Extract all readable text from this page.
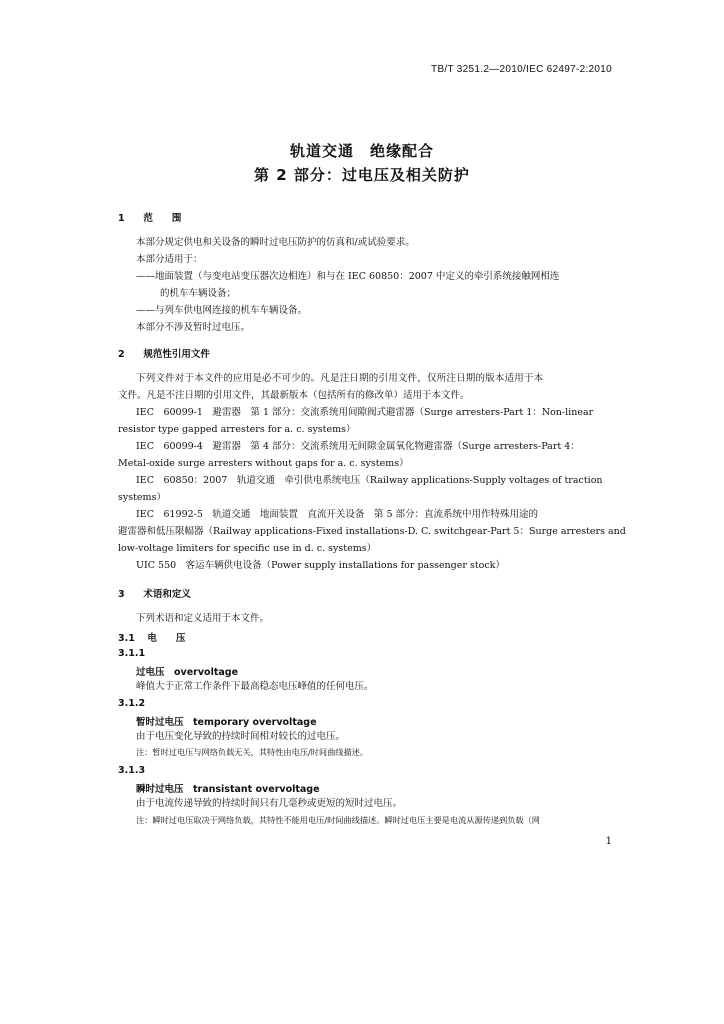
TB/T 3251.2—2010/IEC 62497-2:2010
轨道交通　绝缘配合
第 2 部分：过电压及相关防护
1 范　　围
本部分规定供电和关设备的瞬时过电压防护的仿真和/或试验要求。
本部分适用于：
——地面装置（与变电站变压器次边相连）和与在 IEC 60850：2007 中定义的牵引系统接触网相连
的机车车辆设备；
——与列车供电网连接的机车车辆设备。
本部分不涉及暂时过电压。
2 规范性引用文件
下列文件对于本文件的应用是必不可少的。凡是注日期的引用文件，仅所注日期的版本适用于本
文件。凡是不注日期的引用文件，其最新版本（包括所有的修改单）适用于本文件。
IEC　60099-1　避雷器　第 1 部分：交流系统用间隙阀式避雷器（Surge arresters-Part 1：Non-linear
resistor type gapped arresters for a. c. systems）
IEC　60099-4　避雷器　第 4 部分：交流系统用无间隙金属氧化物避雷器（Surge arresters-Part 4：
Metal-oxide surge arresters without gaps for a. c. systems）
IEC　60850：2007　轨道交通　牵引供电系统电压（Railway applications-Supply voltages of traction
systems）
IEC　61992-5　轨道交通　地面装置　直流开关设备　第 5 部分：直流系统中用作特殊用途的
避雷器和低压限幅器（Railway applications-Fixed installations-D. C. switchgear-Part 5：Surge arresters and
low-voltage limiters for specific use in d. c. systems）
UIC 550　客运车辆供电设备（Power supply installations for passenger stock）
3 术语和定义
下列术语和定义适用于本文件。
3.1 电　　压
3.1.1
过电压　overvoltage
峰值大于正常工作条件下最高稳态电压峰值的任何电压。
3.1.2
暂时过电压　temporary overvoltage
由于电压变化导致的持续时间相对较长的过电压。
注：暂时过电压与网络负载无关，其特性由电压/时间曲线描述。
3.1.3
瞬时过电压　transistant overvoltage
由于电流传递导致的持续时间只有几毫秒或更短的短时过电压。
注：瞬时过电压取决于网络负载，其特性不能用电压/时间曲线描述。瞬时过电压主要是电流从源传递到负载（网
1
